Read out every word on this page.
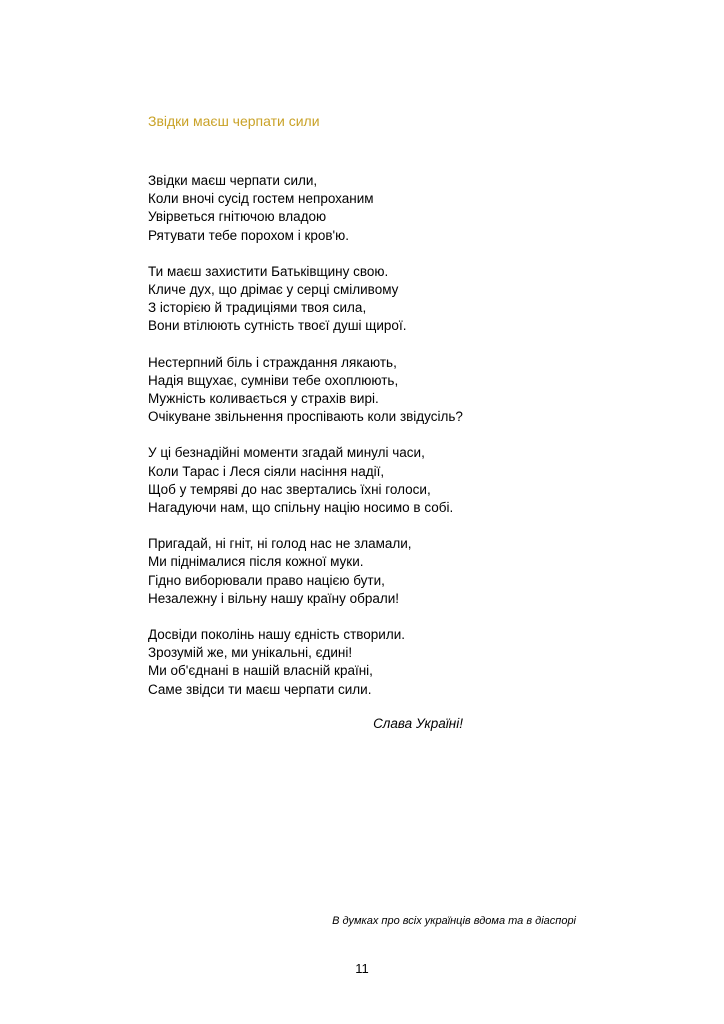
Звідки маєш черпати сили
Звідки маєш черпати сили,
Коли вночі сусід гостем непроханим
Увірветься гнітючою владою
Рятувати тебе порохом і кров'ю.
Ти маєш захистити Батьківщину свою.
Кличе дух, що дрімає у серці сміливому
З історією й традиціями твоя сила,
Вони втілюють сутність твоєї душі щирої.
Нестерпний біль і страждання лякають,
Надія вщухає, сумніви тебе охоплюють,
Мужність коливається у страхів вирі.
Очікуване звільнення проспівають коли звідусіль?
У ці безнадійні моменти згадай минулі часи,
Коли Тарас і Леся сіяли насіння надії,
Щоб у темряві до нас звертались їхні голоси,
Нагадуючи нам, що спільну націю носимо в собі.
Пригадай, ні гніт, ні голод нас не зламали,
Ми піднімалися після кожної муки.
Гідно виборювали право нацією бути,
Незалежну і вільну нашу країну обрали!
Досвіди поколінь нашу єдність створили.
Зрозумій же, ми унікальні, єдині!
Ми об'єднані в нашій власній країні,
Саме звідси ти маєш черпати сили.
Слава Україні!
В думках про всіх українців вдома та в діаспорі
11
